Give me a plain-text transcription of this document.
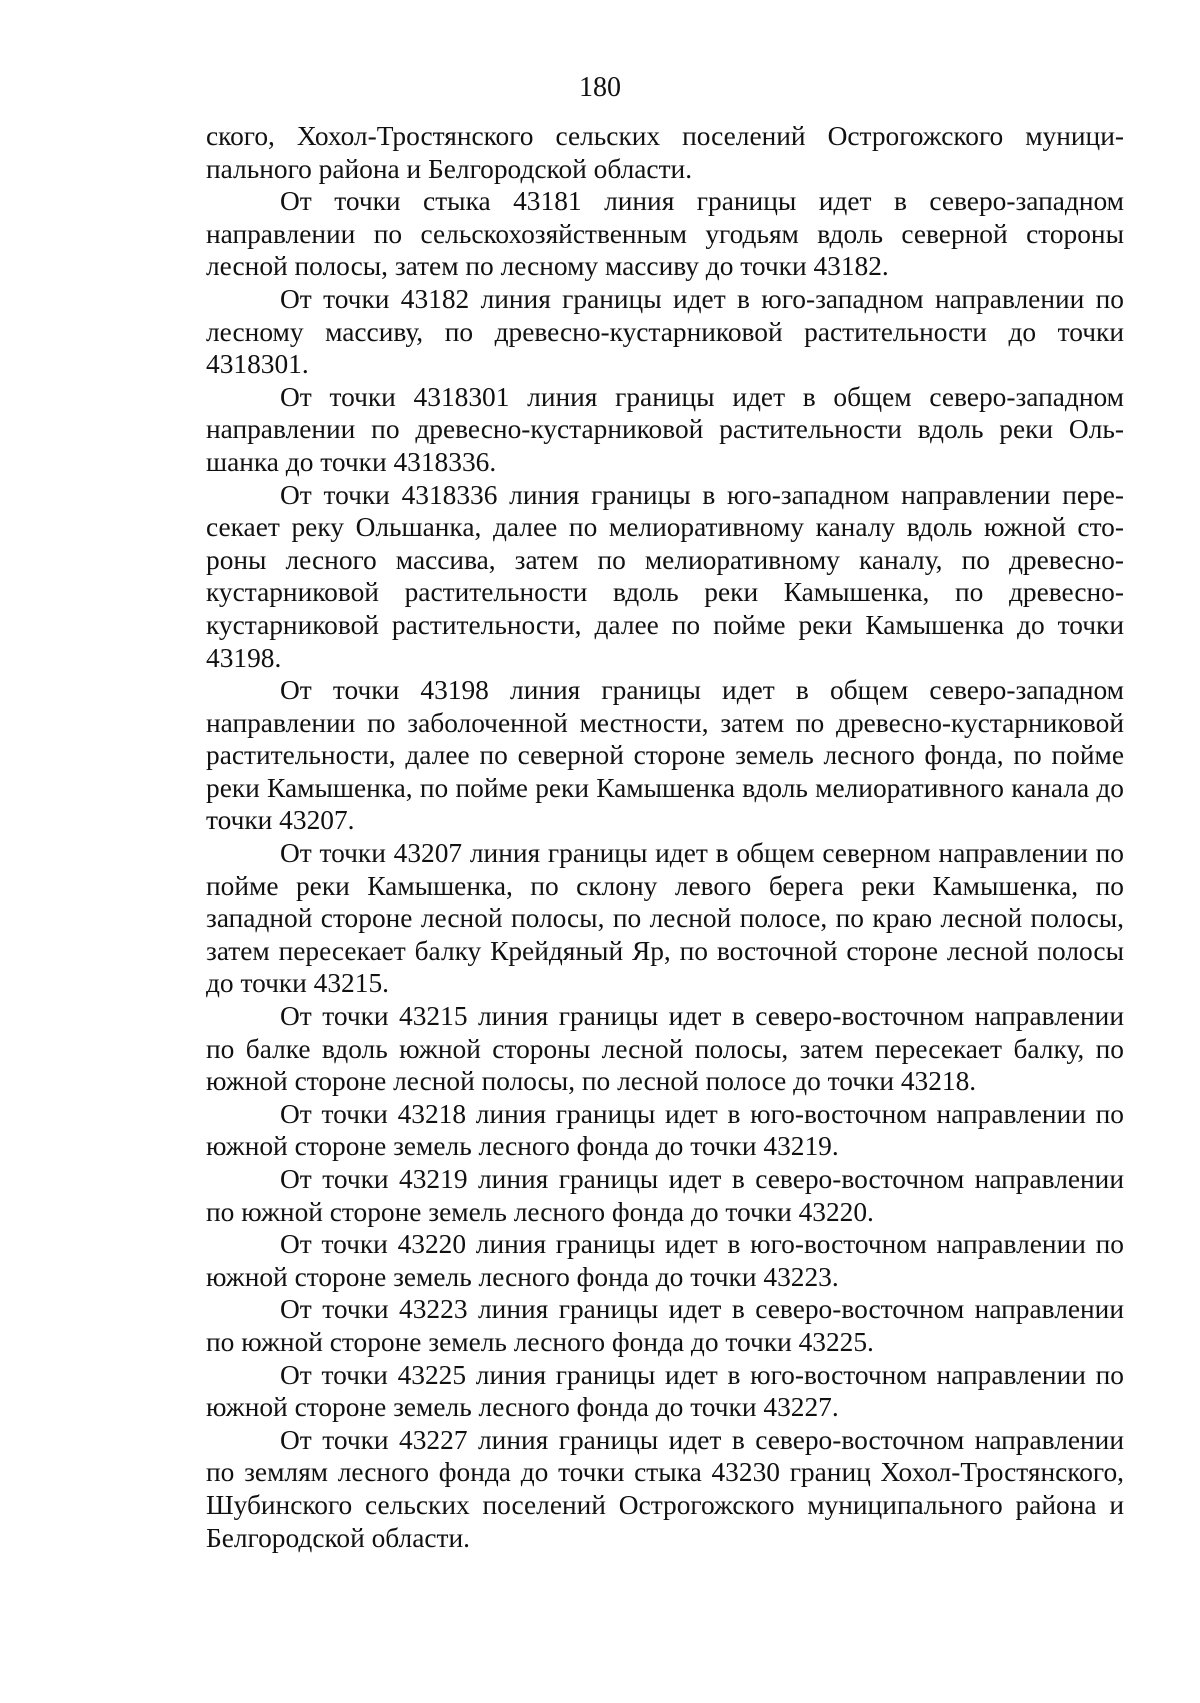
180

ского, Хохол-Тростянского сельских поселений Острогожского муниципального района и Белгородской области.

От точки стыка 43181 линия границы идет в северо-западном направлении по сельскохозяйственным угодьям вдоль северной стороны лесной полосы, затем по лесному массиву до точки 43182.

От точки 43182 линия границы идет в юго-западном направлении по лесному массиву, по древесно-кустарниковой растительности до точки 4318301.

От точки 4318301 линия границы идет в общем северо-западном направлении по древесно-кустарниковой растительности вдоль реки Ольшанка до точки 4318336.

От точки 4318336 линия границы в юго-западном направлении пересекает реку Ольшанка, далее по мелиоративному каналу вдоль южной стороны лесного массива, затем по мелиоративному каналу, по древесно-кустарниковой растительности вдоль реки Камышенка, по древесно-кустарниковой растительности, далее по пойме реки Камышенка до точки 43198.

От точки 43198 линия границы идет в общем северо-западном направлении по заболоченной местности, затем по древесно-кустарниковой растительности, далее по северной стороне земель лесного фонда, по пойме реки Камышенка, по пойме реки Камышенка вдоль мелиоративного канала до точки 43207.

От точки 43207 линия границы идет в общем северном направлении по пойме реки Камышенка, по склону левого берега реки Камышенка, по западной стороне лесной полосы, по лесной полосе, по краю лесной полосы, затем пересекает балку Крейдяный Яр, по восточной стороне лесной полосы до точки 43215.

От точки 43215 линия границы идет в северо-восточном направлении по балке вдоль южной стороны лесной полосы, затем пересекает балку, по южной стороне лесной полосы, по лесной полосе до точки 43218.

От точки 43218 линия границы идет в юго-восточном направлении по южной стороне земель лесного фонда до точки 43219.

От точки 43219 линия границы идет в северо-восточном направлении по южной стороне земель лесного фонда до точки 43220.

От точки 43220 линия границы идет в юго-восточном направлении по южной стороне земель лесного фонда до точки 43223.

От точки 43223 линия границы идет в северо-восточном направлении по южной стороне земель лесного фонда до точки 43225.

От точки 43225 линия границы идет в юго-восточном направлении по южной стороне земель лесного фонда до точки 43227.

От точки 43227 линия границы идет в северо-восточном направлении по землям лесного фонда до точки стыка 43230 границ Хохол-Тростянского, Шубинского сельских поселений Острогожского муниципального района и Белгородской области.
